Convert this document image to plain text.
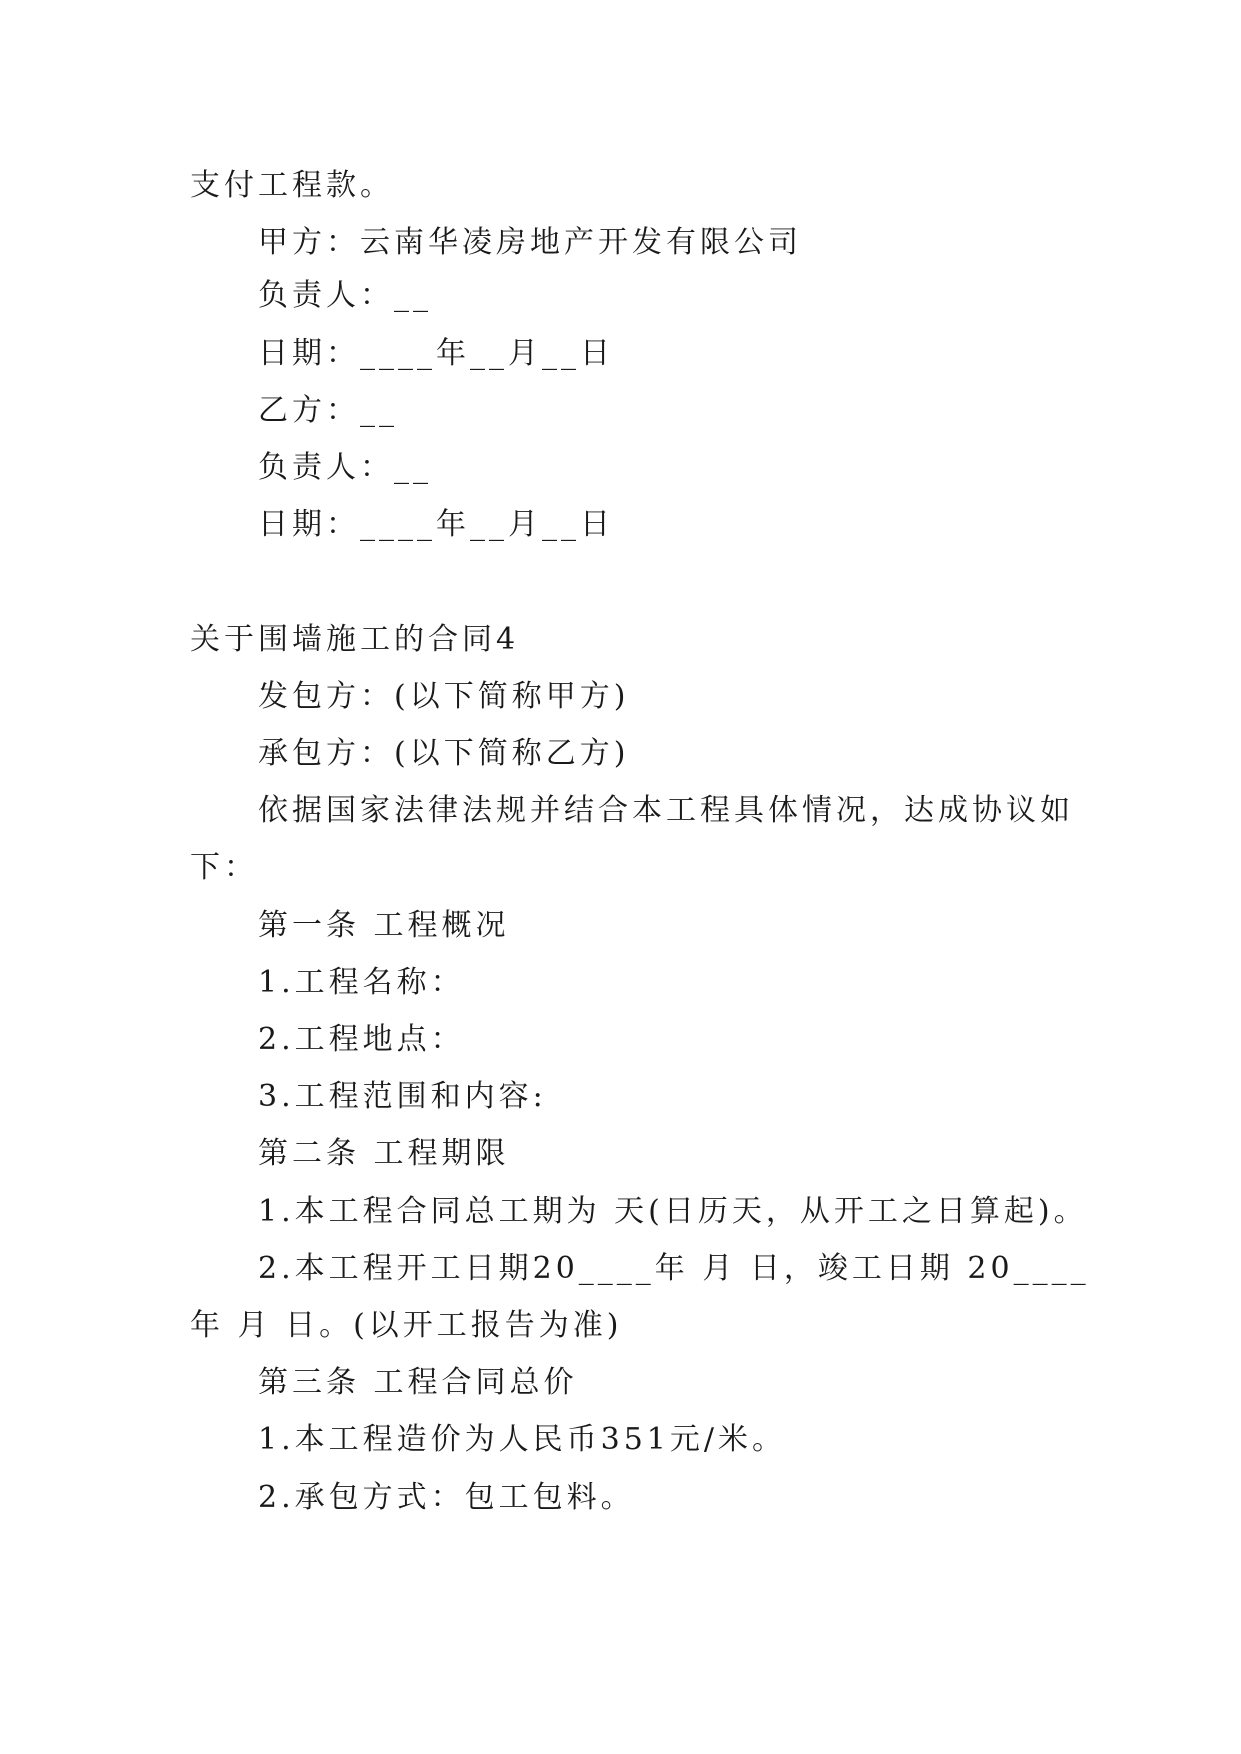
支付工程款。
甲方：云南华凌房地产开发有限公司
负责人：__
日期：____年__月__日
乙方：__
负责人：__
日期：____年__月__日
关于围墙施工的合同4
发包方：(以下简称甲方)
承包方：(以下简称乙方)
依据国家法律法规并结合本工程具体情况，达成协议如
下：
第一条 工程概况
1.工程名称：
2.工程地点：
3.工程范围和内容:
第二条 工程期限
1.本工程合同总工期为 天(日历天，从开工之日算起)。
2.本工程开工日期20____年 月 日，竣工日期 20____
年 月 日。(以开工报告为准)
第三条 工程合同总价
1.本工程造价为人民币351元/米。
2.承包方式：包工包料。
